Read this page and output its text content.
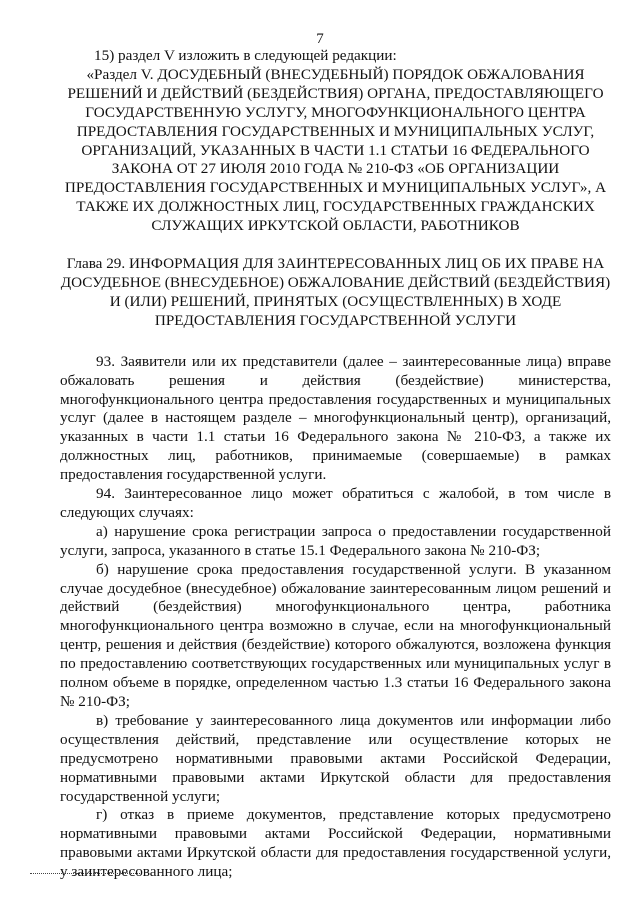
7

15) раздел V изложить в следующей редакции:

«Раздел V. ДОСУДЕБНЫЙ (ВНЕСУДЕБНЫЙ) ПОРЯДОК ОБЖАЛОВАНИЯ РЕШЕНИЙ И ДЕЙСТВИЙ (БЕЗДЕЙСТВИЯ) ОРГАНА, ПРЕДОСТАВЛЯЮЩЕГО ГОСУДАРСТВЕННУЮ УСЛУГУ, МНОГОФУНКЦИОНАЛЬНОГО ЦЕНТРА ПРЕДОСТАВЛЕНИЯ ГОСУДАРСТВЕННЫХ И МУНИЦИПАЛЬНЫХ УСЛУГ, ОРГАНИЗАЦИЙ, УКАЗАННЫХ В ЧАСТИ 1.1 СТАТЬИ 16 ФЕДЕРАЛЬНОГО ЗАКОНА ОТ 27 ИЮЛЯ 2010 ГОДА № 210-ФЗ «ОБ ОРГАНИЗАЦИИ ПРЕДОСТАВЛЕНИЯ ГОСУДАРСТВЕННЫХ И МУНИЦИПАЛЬНЫХ УСЛУГ», А ТАКЖЕ ИХ ДОЛЖНОСТНЫХ ЛИЦ, ГОСУДАРСТВЕННЫХ ГРАЖДАНСКИХ СЛУЖАЩИХ ИРКУТСКОЙ ОБЛАСТИ, РАБОТНИКОВ
Глава 29. ИНФОРМАЦИЯ ДЛЯ ЗАИНТЕРЕСОВАННЫХ ЛИЦ ОБ ИХ ПРАВЕ НА ДОСУДЕБНОЕ (ВНЕСУДЕБНОЕ) ОБЖАЛОВАНИЕ ДЕЙСТВИЙ (БЕЗДЕЙСТВИЯ) И (ИЛИ) РЕШЕНИЙ, ПРИНЯТЫХ (ОСУЩЕСТВЛЕННЫХ) В ХОДЕ ПРЕДОСТАВЛЕНИЯ ГОСУДАРСТВЕННОЙ УСЛУГИ

93. Заявители или их представители (далее – заинтересованные лица) вправе обжаловать решения и действия (бездействие) министерства, многофункционального центра предоставления государственных и муниципальных услуг (далее в настоящем разделе – многофункциональный центр), организаций, указанных в части 1.1 статьи 16 Федерального закона № 210-ФЗ, а также их должностных лиц, работников, принимаемые (совершаемые) в рамках предоставления государственной услуги.

94. Заинтересованное лицо может обратиться с жалобой, в том числе в следующих случаях:

а) нарушение срока регистрации запроса о предоставлении государственной услуги, запроса, указанного в статье 15.1 Федерального закона № 210-ФЗ;

б) нарушение срока предоставления государственной услуги. В указанном случае досудебное (внесудебное) обжалование заинтересованным лицом решений и действий (бездействия) многофункционального центра, работника многофункционального центра возможно в случае, если на многофункциональный центр, решения и действия (бездействие) которого обжалуются, возложена функция по предоставлению соответствующих государственных или муниципальных услуг в полном объеме в порядке, определенном частью 1.3 статьи 16 Федерального закона № 210-ФЗ;

в) требование у заинтересованного лица документов или информации либо осуществления действий, представление или осуществление которых не предусмотрено нормативными правовыми актами Российской Федерации, нормативными правовыми актами Иркутской области для предоставления государственной услуги;

г) отказ в приеме документов, представление которых предусмотрено нормативными правовыми актами Российской Федерации, нормативными правовыми актами Иркутской области для предоставления государственной услуги, у заинтересованного лица;
